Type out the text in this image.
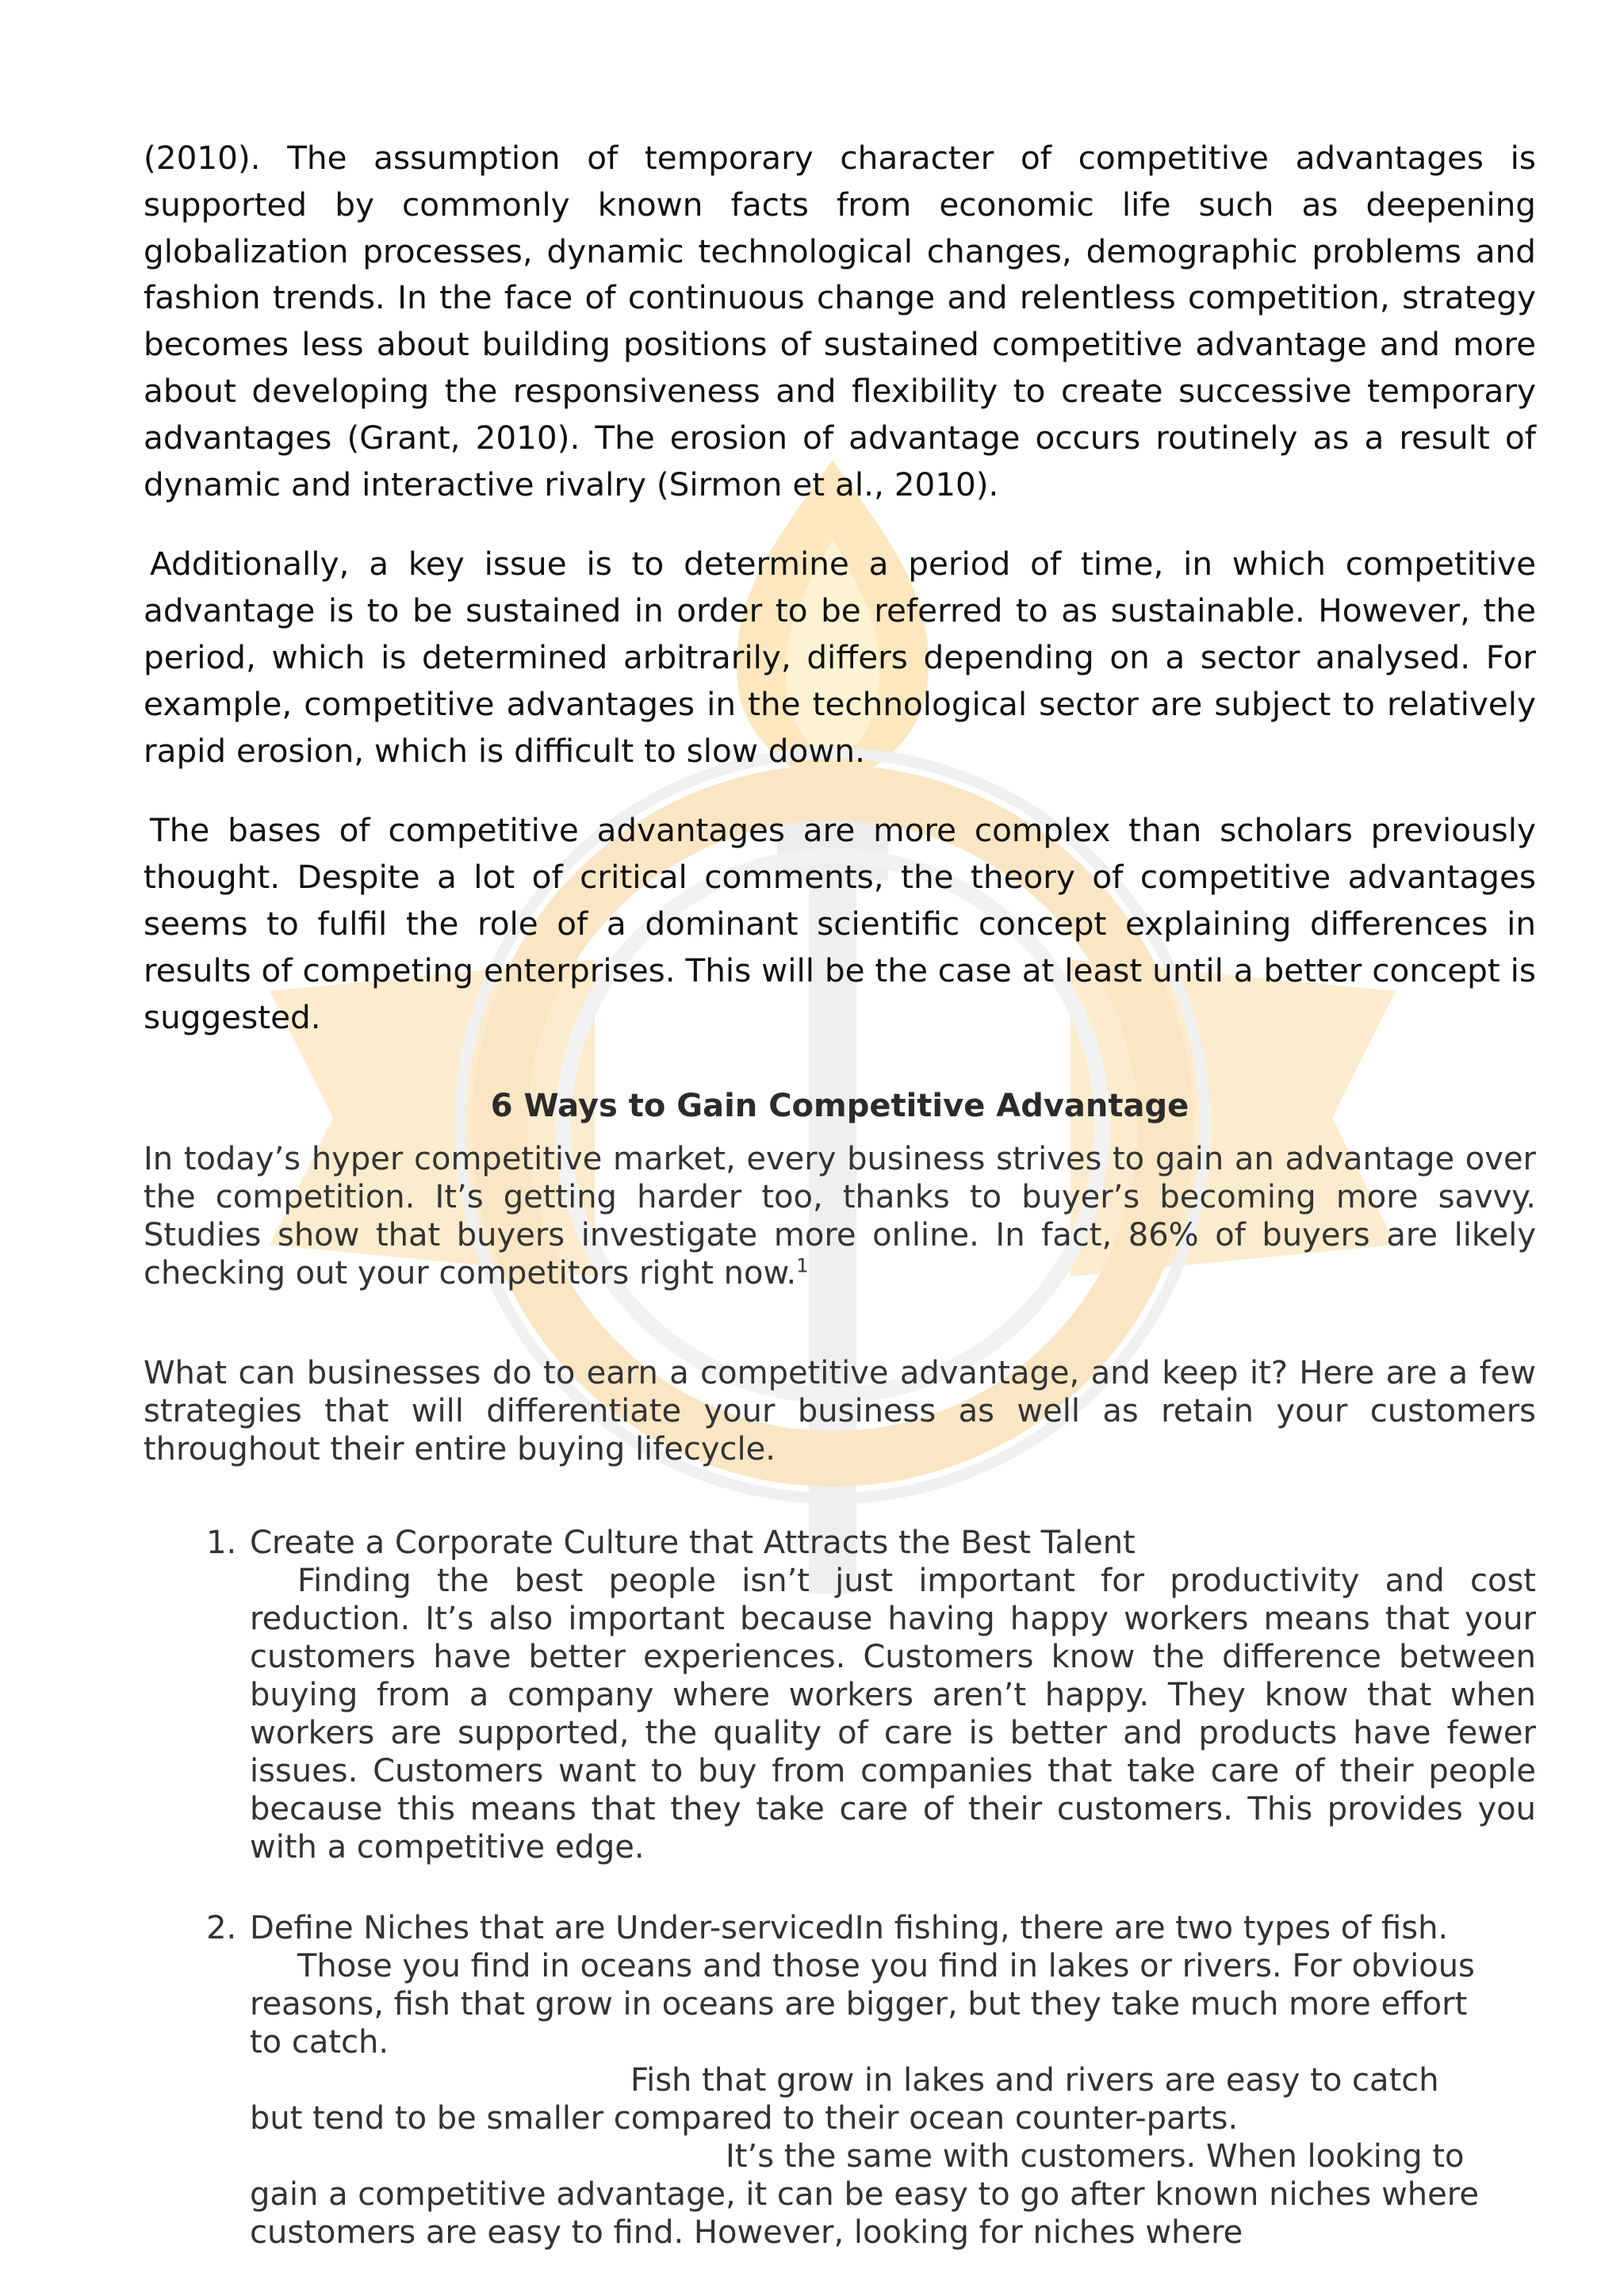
(2010). The assumption of temporary character of competitive advantages is supported by commonly known facts from economic life such as deepening globalization processes, dynamic technological changes, demographic problems and fashion trends. In the face of continuous change and relentless competition, strategy becomes less about building positions of sustained competitive advantage and more about developing the responsiveness and flexibility to create successive temporary advantages (Grant, 2010). The erosion of advantage occurs routinely as a result of dynamic and interactive rivalry (Sirmon et al., 2010).

Additionally, a key issue is to determine a period of time, in which competitive advantage is to be sustained in order to be referred to as sustainable. However, the period, which is determined arbitrarily, differs depending on a sector analysed. For example, competitive advantages in the technological sector are subject to relatively rapid erosion, which is difficult to slow down.

The bases of competitive advantages are more complex than scholars previously thought. Despite a lot of critical comments, the theory of competitive advantages seems to fulfil the role of a dominant scientific concept explaining differences in results of competing enterprises. This will be the case at least until a better concept is suggested.

6 Ways to Gain Competitive Advantage

In today’s hyper competitive market, every business strives to gain an advantage over the competition. It’s getting harder too, thanks to buyer’s becoming more savvy. Studies show that buyers investigate more online. In fact, 86% of buyers are likely checking out your competitors right now.$^1$

What can businesses do to earn a competitive advantage, and keep it? Here are a few strategies that will differentiate your business as well as retain your customers throughout their entire buying lifecycle.

1. Create a Corporate Culture that Attracts the Best Talent
Finding the best people isn’t just important for productivity and cost reduction. It’s also important because having happy workers means that your customers have better experiences. Customers know the difference between buying from a company where workers aren’t happy. They know that when workers are supported, the quality of care is better and products have fewer issues. Customers want to buy from companies that take care of their people because this means that they take care of their customers. This provides you with a competitive edge.
2. Define Niches that are Under-servicedIn fishing, there are two types of fish.
Those you find in oceans and those you find in lakes or rivers. For obvious reasons, fish that grow in oceans are bigger, but they take much more effort to catch.Fish that grow in lakes and rivers are easy to catch but tend to be smaller compared to their ocean counter-parts.It’s the same with customers. When looking to gain a competitive advantage, it can be easy to go after known niches where customers are easy to find. However, looking for niches where
